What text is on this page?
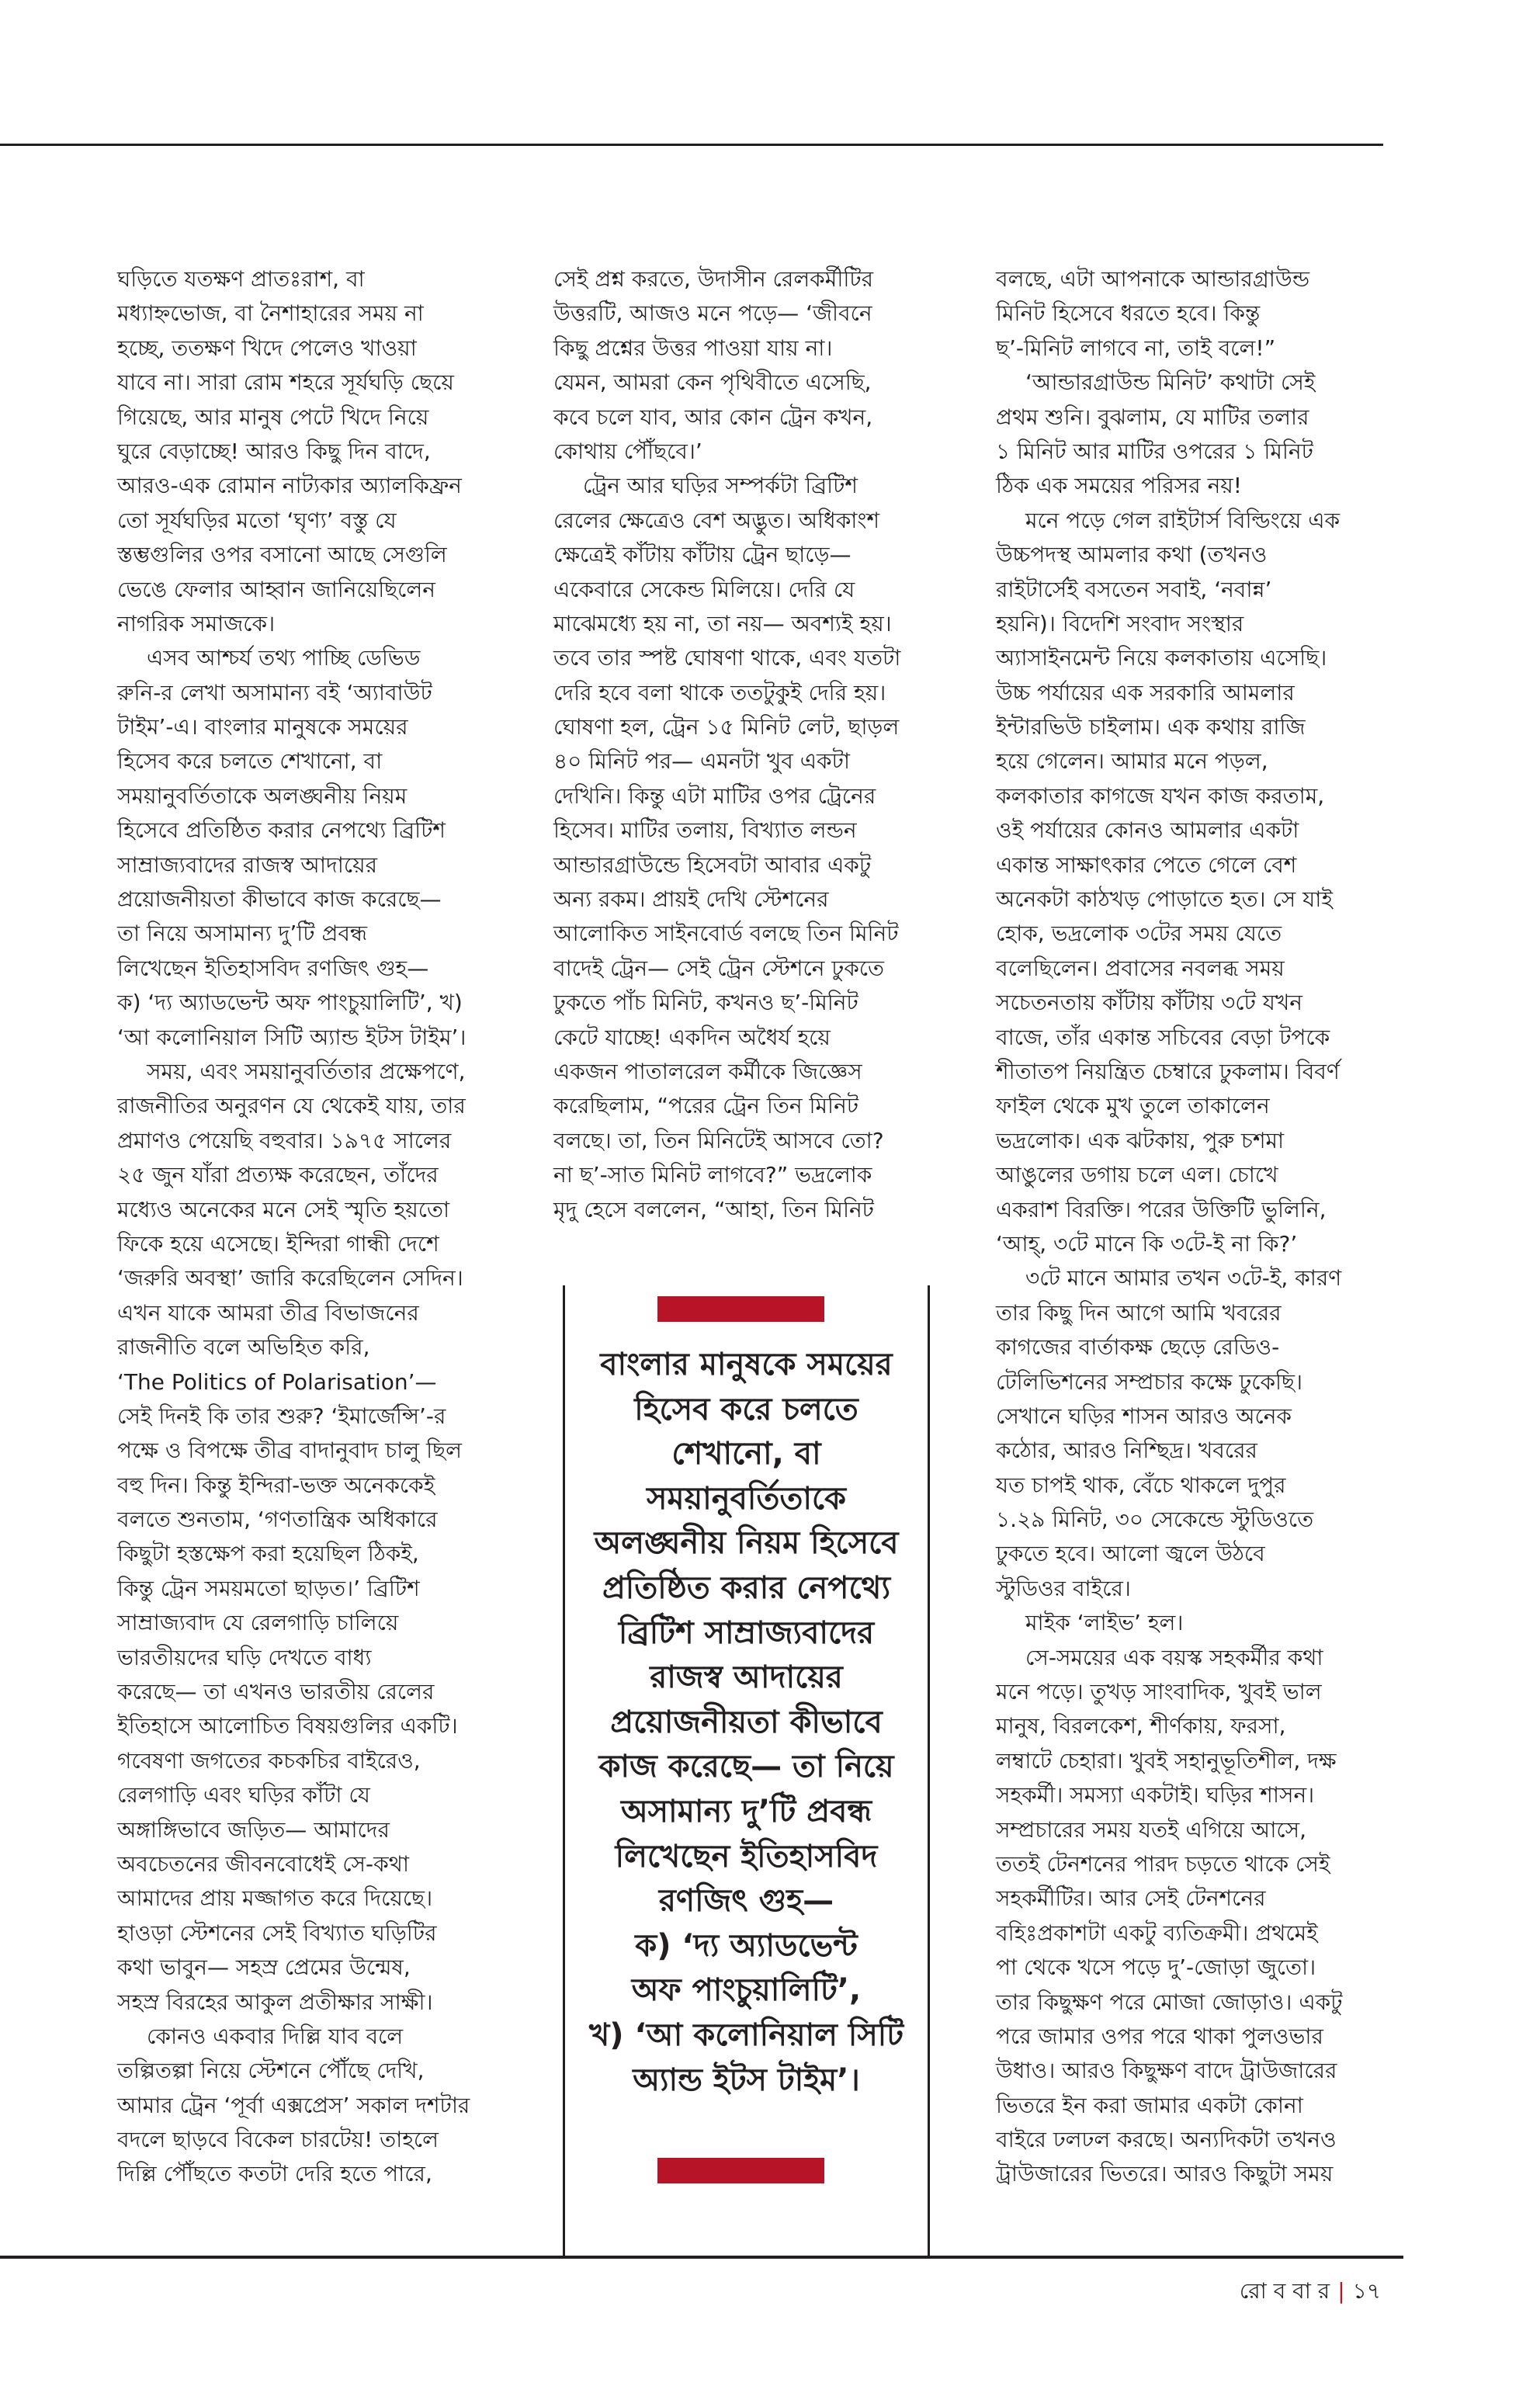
ঘড়িতে যতক্ষণ প্রাতঃরাশ, বা
মধ্যাহ্নভোজ, বা নৈশাহারের সময় না
হচ্ছে, ততক্ষণ খিদে পেলেও খাওয়া
যাবে না। সারা রোম শহরে সূর্যঘড়ি ছেয়ে
গিয়েছে, আর মানুষ পেটে খিদে নিয়ে
ঘুরে বেড়াচ্ছে! আরও কিছু দিন বাদে,
আরও-এক রোমান নাট্যকার অ্যালকিফ্রন
তো সূর্যঘড়ির মতো ‘ঘৃণ্য’ বস্তু যে
স্তম্ভগুলির ওপর বসানো আছে সেগুলি
ভেঙে ফেলার আহ্বান জানিয়েছিলেন
নাগরিক সমাজকে।
এসব আশ্চর্য তথ্য পাচ্ছি ডেভিড
রুনি-র লেখা অসামান্য বই ‘অ্যাবাউট
টাইম’-এ। বাংলার মানুষকে সময়ের
হিসেব করে চলতে শেখানো, বা
সময়ানুবর্তিতাকে অলঙ্ঘনীয় নিয়ম
হিসেবে প্রতিষ্ঠিত করার নেপথ্যে ব্রিটিশ
সাম্রাজ্যবাদের রাজস্ব আদায়ের
প্রয়োজনীয়তা কীভাবে কাজ করেছে—
তা নিয়ে অসামান্য দু’টি প্রবন্ধ
লিখেছেন ইতিহাসবিদ রণজিৎ গুহ—
ক) ‘দ্য অ্যাডভেন্ট অফ পাংচুয়ালিটি’, খ)
‘আ কলোনিয়াল সিটি অ্যান্ড ইটস টাইম’।
সময়, এবং সময়ানুবর্তিতার প্রক্ষেপণে,
রাজনীতির অনুরণন যে থেকেই যায়, তার
প্রমাণও পেয়েছি বহুবার। ১৯৭৫ সালের
২৫ জুন যাঁরা প্রত্যক্ষ করেছেন, তাঁদের
মধ্যেও অনেকের মনে সেই স্মৃতি হয়তো
ফিকে হয়ে এসেছে। ইন্দিরা গান্ধী দেশে
‘জরুরি অবস্থা’ জারি করেছিলেন সেদিন।
এখন যাকে আমরা তীব্র বিভাজনের
রাজনীতি বলে অভিহিত করি,
‘The Politics of Polarisation’—
সেই দিনই কি তার শুরু? ‘ইমার্জেন্সি’-র
পক্ষে ও বিপক্ষে তীব্র বাদানুবাদ চালু ছিল
বহু দিন। কিন্তু ইন্দিরা-ভক্ত অনেককেই
বলতে শুনতাম, ‘গণতান্ত্রিক অধিকারে
কিছুটা হস্তক্ষেপ করা হয়েছিল ঠিকই,
কিন্তু ট্রেন সময়মতো ছাড়ত।’ ব্রিটিশ
সাম্রাজ্যবাদ যে রেলগাড়ি চালিয়ে
ভারতীয়দের ঘড়ি দেখতে বাধ্য
করেছে— তা এখনও ভারতীয় রেলের
ইতিহাসে আলোচিত বিষয়গুলির একটি।
গবেষণা জগতের কচকচির বাইরেও,
রেলগাড়ি এবং ঘড়ির কাঁটা যে
অঙ্গাঙ্গিভাবে জড়িত— আমাদের
অবচেতনের জীবনবোধেই সে-কথা
আমাদের প্রায় মজ্জাগত করে দিয়েছে।
হাওড়া স্টেশনের সেই বিখ্যাত ঘড়িটির
কথা ভাবুন— সহস্র প্রেমের উন্মেষ,
সহস্র বিরহের আকুল প্রতীক্ষার সাক্ষী।
কোনও একবার দিল্লি যাব বলে
তল্পিতল্পা নিয়ে স্টেশনে পৌঁছে দেখি,
আমার ট্রেন ‘পূর্বা এক্সপ্রেস’ সকাল দশটার
বদলে ছাড়বে বিকেল চারটেয়! তাহলে
দিল্লি পৌঁছতে কতটা দেরি হতে পারে,
সেই প্রশ্ন করতে, উদাসীন রেলকর্মীটির
উত্তরটি, আজও মনে পড়ে— ‘জীবনে
কিছু প্রশ্নের উত্তর পাওয়া যায় না।
যেমন, আমরা কেন পৃথিবীতে এসেছি,
কবে চলে যাব, আর কোন ট্রেন কখন,
কোথায় পৌঁছবে।’
ট্রেন আর ঘড়ির সম্পর্কটা ব্রিটিশ
রেলের ক্ষেত্রেও বেশ অদ্ভুত। অধিকাংশ
ক্ষেত্রেই কাঁটায় কাঁটায় ট্রেন ছাড়ে—
একেবারে সেকেন্ড মিলিয়ে। দেরি যে
মাঝেমধ্যে হয় না, তা নয়— অবশ্যই হয়।
তবে তার স্পষ্ট ঘোষণা থাকে, এবং যতটা
দেরি হবে বলা থাকে ততটুকুই দেরি হয়।
ঘোষণা হল, ট্রেন ১৫ মিনিট লেট, ছাড়ল
৪০ মিনিট পর— এমনটা খুব একটা
দেখিনি। কিন্তু এটা মাটির ওপর ট্রেনের
হিসেব। মাটির তলায়, বিখ্যাত লন্ডন
আন্ডারগ্রাউন্ডে হিসেবটা আবার একটু
অন্য রকম। প্রায়ই দেখি স্টেশনের
আলোকিত সাইনবোর্ড বলছে তিন মিনিট
বাদেই ট্রেন— সেই ট্রেন স্টেশনে ঢুকতে
ঢুকতে পাঁচ মিনিট, কখনও ছ’-মিনিট
কেটে যাচ্ছে! একদিন অধৈর্য হয়ে
একজন পাতালরেল কর্মীকে জিজ্ঞেস
করেছিলাম, “পরের ট্রেন তিন মিনিট
বলছে। তা, তিন মিনিটেই আসবে তো?
না ছ’-সাত মিনিট লাগবে?” ভদ্রলোক
মৃদু হেসে বললেন, “আহা, তিন মিনিট
বলছে, এটা আপনাকে আন্ডারগ্রাউন্ড
মিনিট হিসেবে ধরতে হবে। কিন্তু
ছ’-মিনিট লাগবে না, তাই বলে!”
‘আন্ডারগ্রাউন্ড মিনিট’ কথাটা সেই
প্রথম শুনি। বুঝলাম, যে মাটির তলার
১ মিনিট আর মাটির ওপরের ১ মিনিট
ঠিক এক সময়ের পরিসর নয়!
মনে পড়ে গেল রাইটার্স বিল্ডিংয়ে এক
উচ্চপদস্থ আমলার কথা (তখনও
রাইটার্সেই বসতেন সবাই, ‘নবান্ন’
হয়নি)। বিদেশি সংবাদ সংস্থার
অ্যাসাইনমেন্ট নিয়ে কলকাতায় এসেছি।
উচ্চ পর্যায়ের এক সরকারি আমলার
ইন্টারভিউ চাইলাম। এক কথায় রাজি
হয়ে গেলেন। আমার মনে পড়ল,
কলকাতার কাগজে যখন কাজ করতাম,
ওই পর্যায়ের কোনও আমলার একটা
একান্ত সাক্ষাৎকার পেতে গেলে বেশ
অনেকটা কাঠখড় পোড়াতে হত। সে যাই
হোক, ভদ্রলোক ৩টের সময় যেতে
বলেছিলেন। প্রবাসের নবলব্ধ সময়
সচেতনতায় কাঁটায় কাঁটায় ৩টে যখন
বাজে, তাঁর একান্ত সচিবের বেড়া টপকে
শীতাতপ নিয়ন্ত্রিত চেম্বারে ঢুকলাম। বিবর্ণ
ফাইল থেকে মুখ তুলে তাকালেন
ভদ্রলোক। এক ঝটকায়, পুরু চশমা
আঙুলের ডগায় চলে এল। চোখে
একরাশ বিরক্তি। পরের উক্তিটি ভুলিনি,
‘আহ্, ৩টে মানে কি ৩টে-ই না কি?’
৩টে মানে আমার তখন ৩টে-ই, কারণ
তার কিছু দিন আগে আমি খবরের
কাগজের বার্তাকক্ষ ছেড়ে রেডিও-
টেলিভিশনের সম্প্রচার কক্ষে ঢুকেছি।
সেখানে ঘড়ির শাসন আরও অনেক
কঠোর, আরও নিশ্ছিদ্র। খবরের
যত চাপই থাক, বেঁচে থাকলে দুপুর
১.২৯ মিনিট, ৩০ সেকেন্ডে স্টুডিওতে
ঢুকতে হবে। আলো জ্বলে উঠবে
স্টুডিওর বাইরে।
মাইক ‘লাইভ’ হল।
সে-সময়ের এক বয়স্ক সহকর্মীর কথা
মনে পড়ে। তুখড় সাংবাদিক, খুবই ভাল
মানুষ, বিরলকেশ, শীর্ণকায়, ফরসা,
লম্বাটে চেহারা। খুবই সহানুভূতিশীল, দক্ষ
সহকর্মী। সমস্যা একটাই। ঘড়ির শাসন।
সম্প্রচারের সময় যতই এগিয়ে আসে,
ততই টেনশনের পারদ চড়তে থাকে সেই
সহকর্মীটির। আর সেই টেনশনের
বহিঃপ্রকাশটা একটু ব্যতিক্রমী। প্রথমেই
পা থেকে খসে পড়ে দু’-জোড়া জুতো।
তার কিছুক্ষণ পরে মোজা জোড়াও। একটু
পরে জামার ওপর পরে থাকা পুলওভার
উধাও। আরও কিছুক্ষণ বাদে ট্রাউজারের
ভিতরে ইন করা জামার একটা কোনা
বাইরে ঢলঢল করছে। অন্যদিকটা তখনও
ট্রাউজারের ভিতরে। আরও কিছুটা সময়
বাংলার মানুষকে সময়ের
হিসেব করে চলতে
শেখানো, বা
সময়ানুবর্তিতাকে
অলঙ্ঘনীয় নিয়ম হিসেবে
প্রতিষ্ঠিত করার নেপথ্যে
ব্রিটিশ সাম্রাজ্যবাদের
রাজস্ব আদায়ের
প্রয়োজনীয়তা কীভাবে
কাজ করেছে— তা নিয়ে
অসামান্য দু’টি প্রবন্ধ
লিখেছেন ইতিহাসবিদ
রণজিৎ গুহ—
ক) ‘দ্য অ্যাডভেন্ট
অফ পাংচুয়ালিটি’,
খ) ‘আ কলোনিয়াল সিটি
অ্যান্ড ইটস টাইম’।
রো ব বা র | ১৭
